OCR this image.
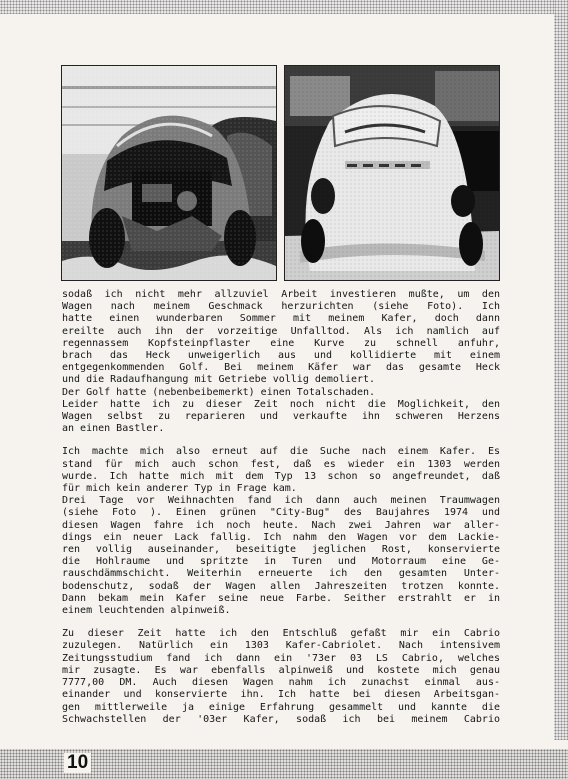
sodaß ich nicht mehr allzuviel Arbeit investieren mußte, um den
Wagen nach meinem Geschmack herzurichten (siehe Foto). Ich
hatte einen wunderbaren Sommer mit meinem Kafer, doch dann
ereilte auch ihn der vorzeitige Unfalltod. Als ich namlich auf
regennassem Kopfsteinpflaster eine Kurve zu schnell anfuhr,
brach das Heck unweigerlich aus und kollidierte mit einem
entgegenkommenden Golf. Bei meinem Käfer war das gesamte Heck
und die Radaufhangung mit Getriebe vollig demoliert.
Der Golf hatte (nebenbeibemerkt) einen Totalschaden.
Leider hatte ich zu dieser Zeit noch nicht die Moglichkeit, den
Wagen selbst zu reparieren und verkaufte ihn schweren Herzens
an einen Bastler.

Ich machte mich also erneut auf die Suche nach einem Kafer. Es
stand für mich auch schon fest, daß es wieder ein 1303 werden
wurde. Ich hatte mich mit dem Typ 13 schon so angefreundet, daß
für mich kein anderer Typ in Frage kam.
Drei Tage vor Weihnachten fand ich dann auch meinen Traumwagen
(siehe Foto ). Einen grünen "City-Bug" des Baujahres 1974 und
diesen Wagen fahre ich noch heute. Nach zwei Jahren war aller-
dings ein neuer Lack fallig. Ich nahm den Wagen vor dem Lackie-
ren vollig auseinander, beseitigte jeglichen Rost, konservierte
die Hohlraume und spritzte in Turen und Motorraum eine Ge-
rauschdämmschicht. Weiterhin erneuerte ich den gesamten Unter-
bodenschutz, sodaß der Wagen allen Jahreszeiten trotzen konnte.
Dann bekam mein Kafer seine neue Farbe. Seither erstrahlt er in
einem leuchtenden alpinweiß.

Zu dieser Zeit hatte ich den Entschluß gefaßt mir ein Cabrio
zuzulegen. Natürlich ein 1303 Kafer-Cabriolet. Nach intensivem
Zeitungsstudium fand ich dann ein '73er 03 LS Cabrio, welches
mir zusagte. Es war ebenfalls alpinweiß und kostete mich genau
7777,00 DM. Auch diesen Wagen nahm ich zunachst einmal aus-
einander und konservierte ihn. Ich hatte bei diesen Arbeitsgan-
gen mittlerweile ja einige Erfahrung gesammelt und kannte die
Schwachstellen der '03er Kafer, sodaß ich bei meinem Cabrio

10
